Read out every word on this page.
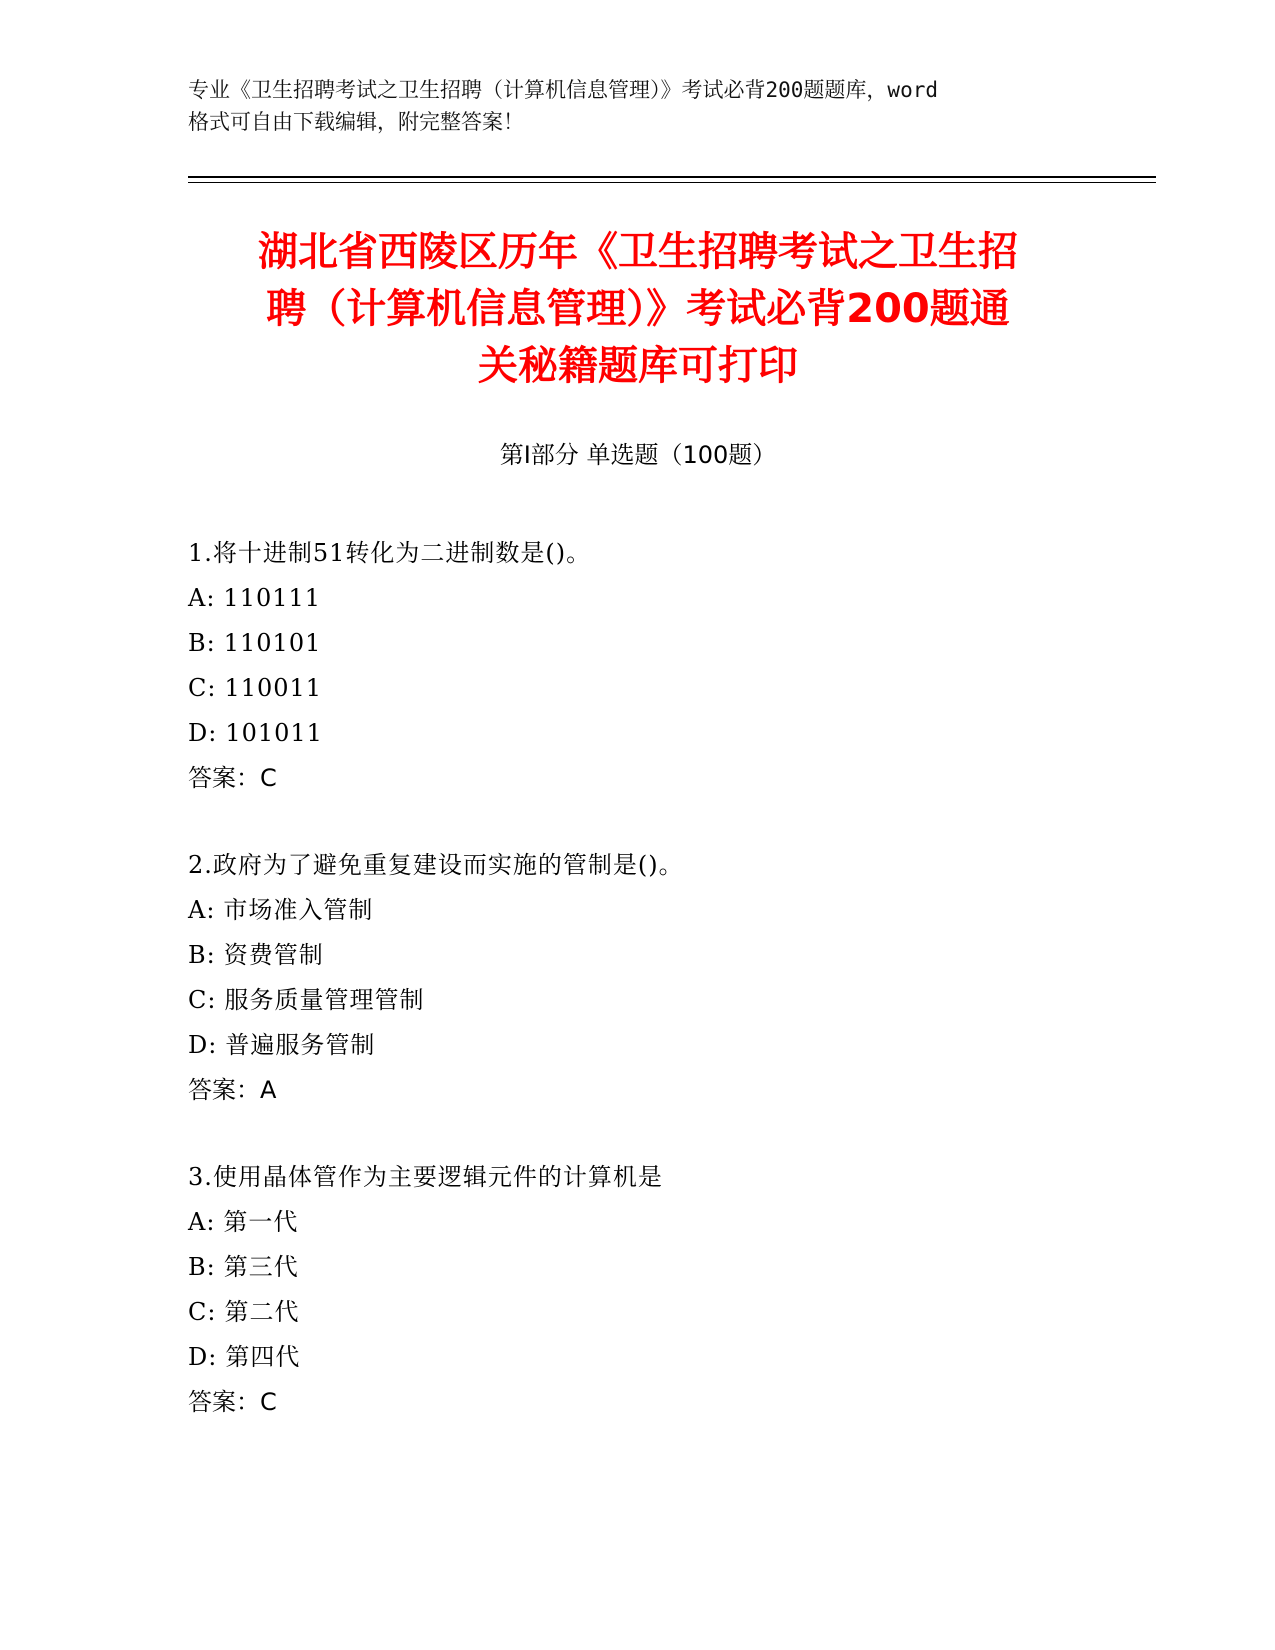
专业《卫生招聘考试之卫生招聘（计算机信息管理）》考试必背200题题库，word
格式可自由下载编辑，附完整答案！
湖北省西陵区历年《卫生招聘考试之卫生招
聘（计算机信息管理）》考试必背200题通
关秘籍题库可打印
第Ⅰ部分 单选题（100题）
1.将十进制51转化为二进制数是()。
A: 110111
B: 110101
C: 110011
D: 101011
答案：C
2.政府为了避免重复建设而实施的管制是()。
A: 市场准入管制
B: 资费管制
C: 服务质量管理管制
D: 普遍服务管制
答案：A
3.使用晶体管作为主要逻辑元件的计算机是
A: 第一代
B: 第三代
C: 第二代
D: 第四代
答案：C
